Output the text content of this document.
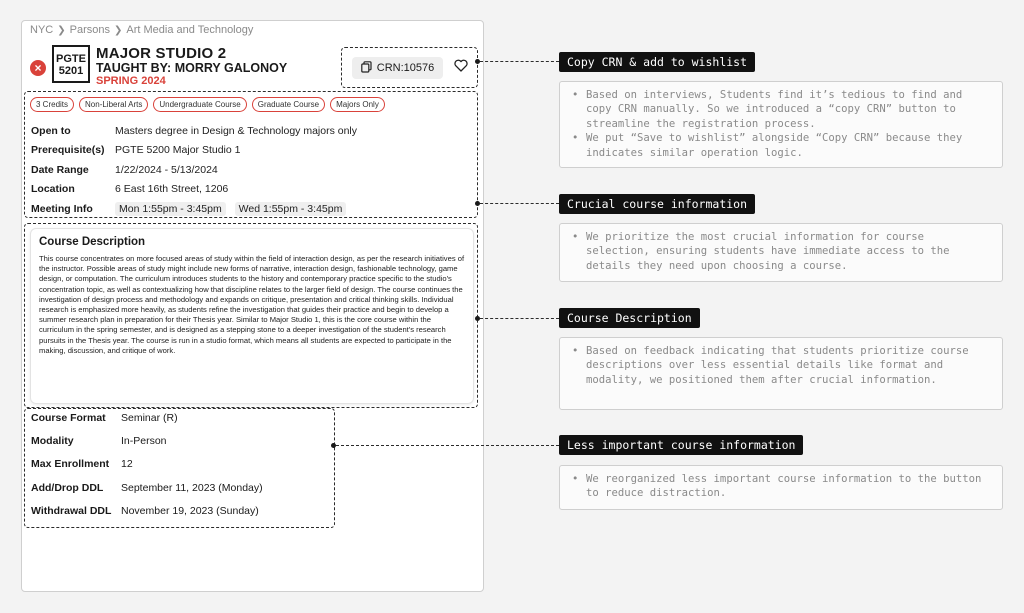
NYC ❯ Parsons ❯ Art Media and Technology
×
PGTE
5201
MAJOR STUDIO 2
TAUGHT BY: MORRY GALONOY
SPRING 2024
CRN:10576
3 Credits	Non-Liberal Arts	Undergraduate Course	Graduate Course	Majors Only
Open to	Masters degree in Design & Technology majors only
Prerequisite(s) PGTE 5200 Major Studio 1
Date Range	1/22/2024 - 5/13/2024
Location	6 East 16th Street, 1206
Meeting Info	Mon 1:55pm - 3:45pm Wed 1:55pm - 3:45pm
Course Description
This course concentrates on more focused areas of study within the field of interaction design, as per the research initiatives of the instructor. Possible areas of study might include new forms of narrative, interaction design, fashionable technology, game design, or computation. The curriculum introduces students to the history and contemporary practice specific to the studio's concentration topic, as well as contextualizing how that discipline relates to the larger field of design. The course continues the investigation of design process and methodology and expands on critique, presentation and critical thinking skills. Individual research is emphasized more heavily, as students refine the investigation that guides their practice and begin to develop a summer research plan in preparation for their Thesis year. Similar to Major Studio 1, this is the core course within the curriculum in the spring semester, and is designed as a stepping stone to a deeper investigation of the student's research pursuits in the Thesis year. The course is run in a studio format, which means all students are expected to participate in the making, discussion, and critique of work.
Course Format	Seminar (R)
Modality	In-Person
Max Enrollment	12
Add/Drop DDL	September 11, 2023 (Monday)
Withdrawal DDL November 19, 2023 (Sunday)
Copy CRN & add to wishlist
• Based on interviews, Students find it’s tedious to find and copy CRN manually. So we introduced a “copy CRN” button to streamline the registration process.
• We put “Save to wishlist” alongside “Copy CRN” because they indicates similar operation logic.
Crucial course information
• We prioritize the most crucial information for course selection, ensuring students have immediate access to the details they need upon choosing a course.
Course Description
• Based on feedback indicating that students prioritize course descriptions over less essential details like format and modality, we positioned them after crucial information.
Less important course information
• We reorganized less important course information to the button to reduce distraction.
